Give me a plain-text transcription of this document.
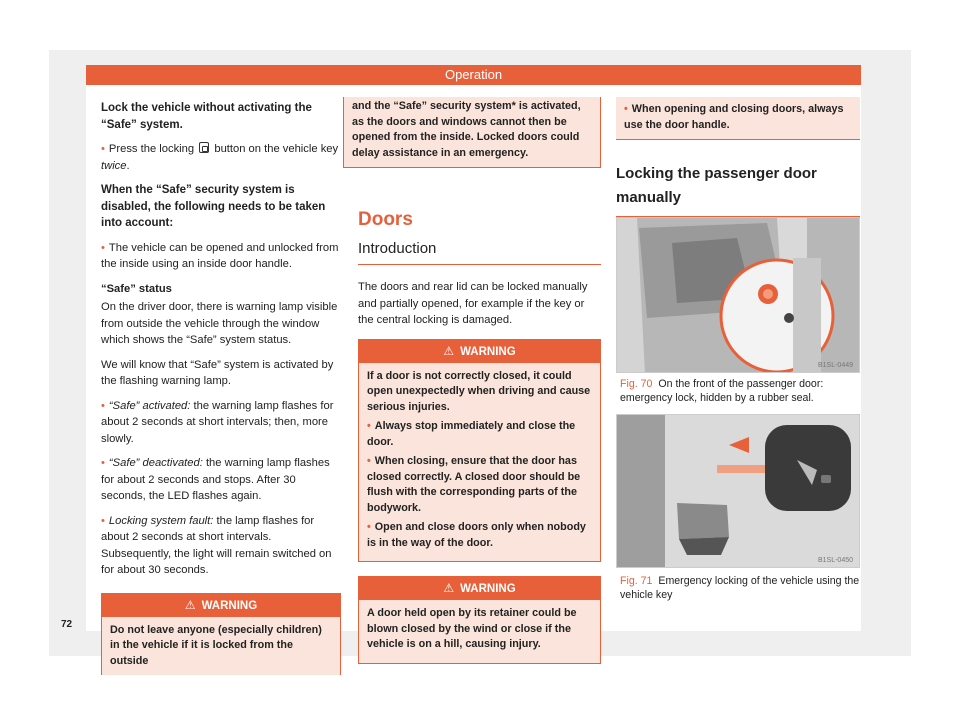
Operation
72

Lock the vehicle without activating the “Safe” system.

• Press the locking button on the vehicle key twice.

When the “Safe” security system is disabled, the following needs to be taken into account:

• The vehicle can be opened and unlocked from the inside using an inside door handle.

“Safe” status

On the driver door, there is warning lamp visible from outside the vehicle through the window which shows the “Safe” system status.

We will know that “Safe” system is activated by the flashing warning lamp.

• “Safe” activated: the warning lamp flashes for about 2 seconds at short intervals; then, more slowly.

• “Safe” deactivated: the warning lamp flashes for about 2 seconds and stops. After 30 seconds, the LED flashes again.

• Locking system fault: the lamp flashes for about 2 seconds at short intervals. Subsequently, the light will remain switched on for about 30 seconds.

⚠ WARNING
Do not leave anyone (especially children) in the vehicle if it is locked from the outside
and the “Safe” security system* is activated, as the doors and windows cannot then be opened from the inside. Locked doors could delay assistance in an emergency.
Doors
Introduction

The doors and rear lid can be locked manually and partially opened, for example if the key or the central locking is damaged.

⚠ WARNING

If a door is not correctly closed, it could open unexpectedly when driving and cause serious injuries.

• Always stop immediately and close the door.

• When closing, ensure that the door has closed correctly. A closed door should be flush with the corresponding parts of the bodywork.

• Open and close doors only when nobody is in the way of the door.

⚠ WARNING

A door held open by its retainer could be blown closed by the wind or close if the vehicle is on a hill, causing injury.

• When opening and closing doors, always use the door handle.
Locking the passenger door manually
B1SL-0449
Fig. 70 On the front of the passenger door: emergency lock, hidden by a rubber seal.
B1SL-0450
Fig. 71 Emergency locking of the vehicle using the vehicle key
